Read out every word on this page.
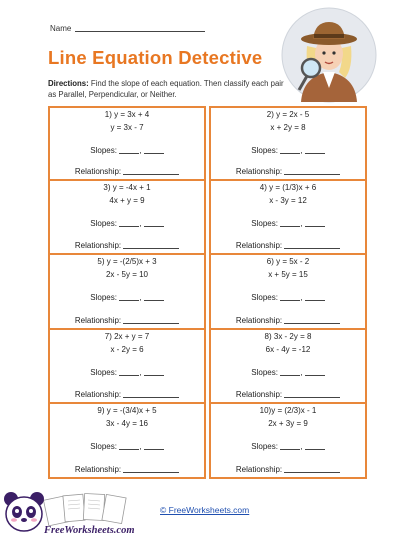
Name
Line Equation Detective
Directions: Find the slope of each equation. Then classify each pair as Parallel, Perpendicular, or Neither.
1) y = 3x + 4
y = 3x - 7
Slopes:	,
Relationship:
2) y = 2x - 5
x + 2y = 8
Slopes:	,
Relationship:
3) y = -4x + 1
4x + y = 9
Slopes:	,
Relationship:
4) y = (1/3)x + 6
x - 3y = 12
Slopes:	,
Relationship:
5) y = -(2/5)x + 3
2x - 5y = 10
Slopes:	,
Relationship:
6) y = 5x - 2
x + 5y = 15
Slopes:	,
Relationship:
7) 2x + y = 7
x - 2y = 6
Slopes:	,
Relationship:
8) 3x - 2y = 8
6x - 4y = -12
Slopes:	,
Relationship:
9) y = -(3/4)x + 5
3x - 4y = 16
Slopes:	,
Relationship:
10)y = (2/3)x - 1
2x + 3y = 9
Slopes:	,
Relationship:
FreeWorksheets.com
© FreeWorksheets.com
